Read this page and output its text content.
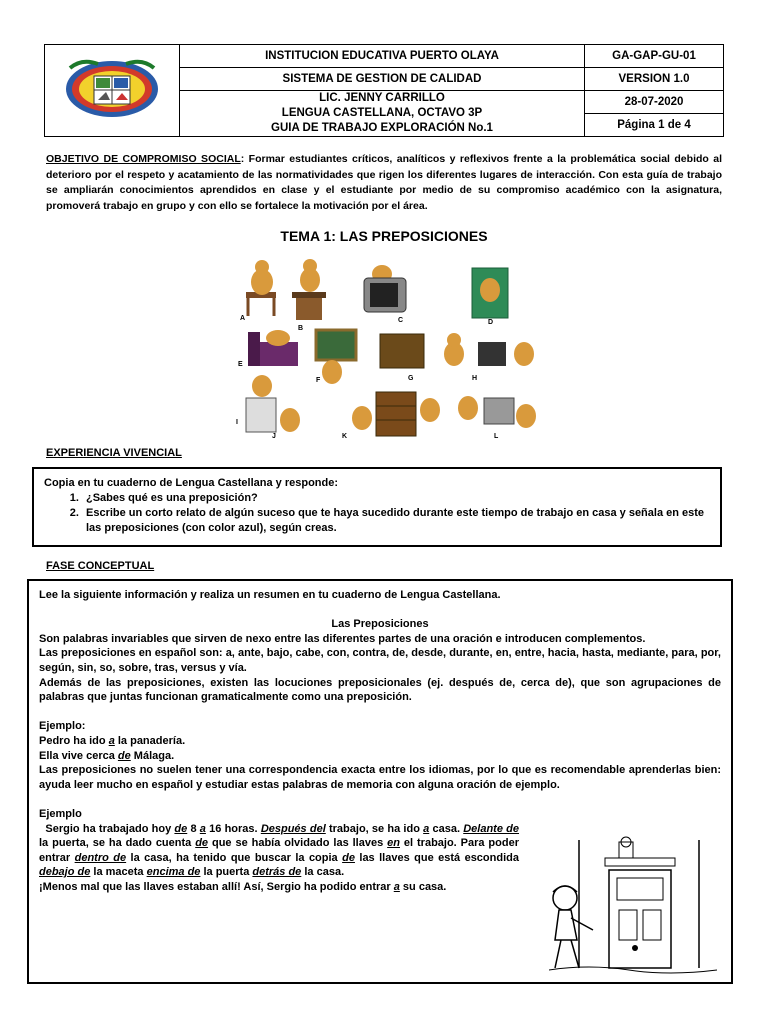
	INSTITUCION EDUCATIVA PUERTO OLAYA	GA-GAP-GU-01
	SISTEMA DE GESTION DE CALIDAD	VERSION 1.0

	LIC. JENNY CARRILLO
LENGUA CASTELLANA, OCTAVO 3P
GUIA DE TRABAJO EXPLORACIÓN No.1	28-07-2020
		Página 1 de 4
OBJETIVO DE COMPROMISO SOCIAL: Formar estudiantes críticos, analíticos y reflexivos frente a la problemática social debido al deterioro por el respeto y acatamiento de las normatividades que rigen los diferentes lugares de interacción. Con esta guía de trabajo se ampliarán conocimientos aprendidos en clase y el estudiante por medio de su compromiso académico con la asignatura, promoverá trabajo en grupo y con ello se fortalece la motivación por el área.
TEMA 1: LAS PREPOSICIONES
A
B
C	D
E
F	G	H
I
J	K	L
EXPERIENCIA VIVENCIAL
Copia en tu cuaderno de Lengua Castellana y responde:
1. ¿Sabes qué es una preposición?
2. Escribe un corto relato de algún suceso que te haya sucedido durante este tiempo de trabajo en casa y señala en este las preposiciones (con color azul), según creas.
FASE CONCEPTUAL

Lee la siguiente información y realiza un resumen en tu cuaderno de Lengua Castellana.

Las Preposiciones

Son palabras invariables que sirven de nexo entre las diferentes partes de una oración e introducen complementos.

Las preposiciones en español son: a, ante, bajo, cabe, con, contra, de, desde, durante, en, entre, hacia, hasta, mediante, para, por, según, sin, so, sobre, tras, versus y vía.

Además de las preposiciones, existen las locuciones preposicionales (ej. después de, cerca de), que son agrupaciones de palabras que juntas funcionan gramaticalmente como una preposición.

Ejemplo:

Pedro ha ido a la panadería.

Ella vive cerca de Málaga.

Las preposiciones no suelen tener una correspondencia exacta entre los idiomas, por lo que es recomendable aprenderlas bien: ayuda leer mucho en español y estudiar estas palabras de memoria con alguna oración de ejemplo.

Ejemplo

Sergio ha trabajado hoy de 8 a 16 horas. Después del trabajo, se ha ido a casa. Delante de la puerta, se ha dado cuenta de que se había olvidado las llaves en el trabajo. Para poder entrar dentro de la casa, ha tenido que buscar la copia de las llaves que está escondida debajo de la maceta encima de la puerta detrás de la casa.

¡Menos mal que las llaves estaban allí! Así, Sergio ha podido entrar a su casa.
